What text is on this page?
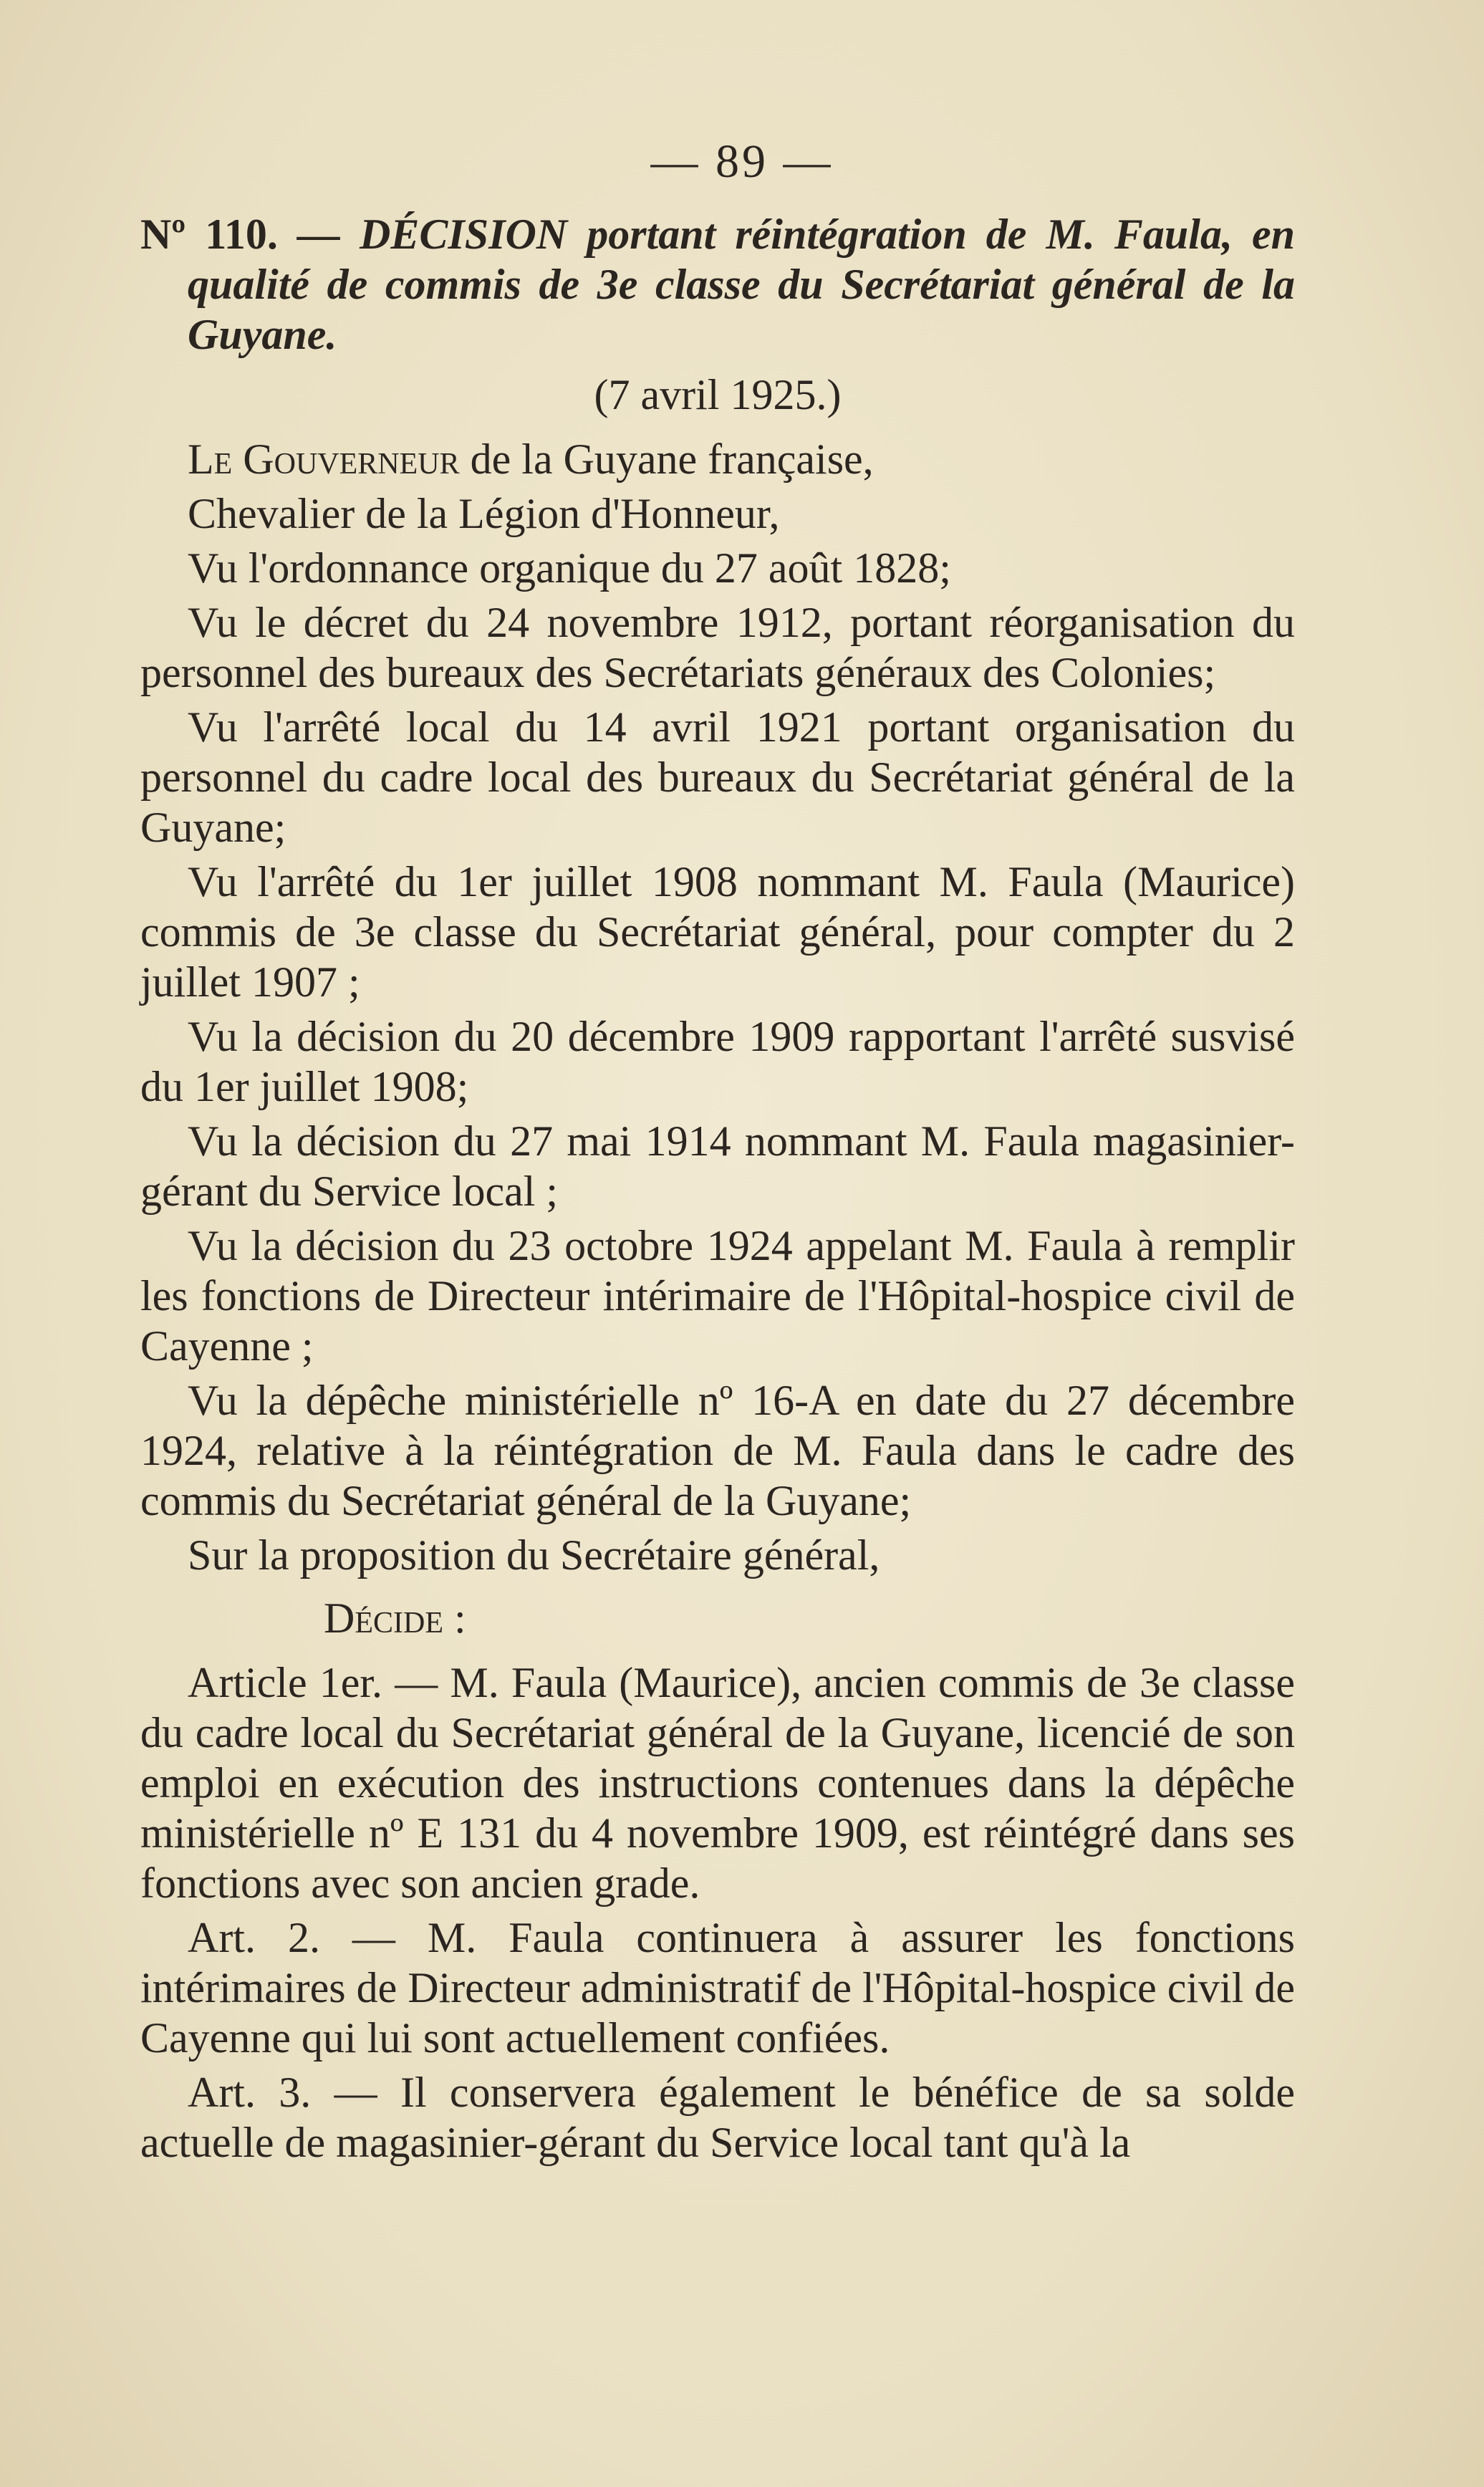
— 89 —

Nº 110. — DÉCISION portant réintégration de M. Faula, en qualité de commis de 3e classe du Secrétariat général de la Guyane.

(7 avril 1925.)

Le Gouverneur de la Guyane française,

Chevalier de la Légion d'Honneur,

Vu l'ordonnance organique du 27 août 1828;

Vu le décret du 24 novembre 1912, portant réorganisation du personnel des bureaux des Secrétariats généraux des Colonies;

Vu l'arrêté local du 14 avril 1921 portant organisation du personnel du cadre local des bureaux du Secrétariat général de la Guyane;

Vu l'arrêté du 1er juillet 1908 nommant M. Faula (Maurice) commis de 3e classe du Secrétariat général, pour compter du 2 juillet 1907 ;

Vu la décision du 20 décembre 1909 rapportant l'arrêté susvisé du 1er juillet 1908;

Vu la décision du 27 mai 1914 nommant M. Faula magasinier-gérant du Service local ;

Vu la décision du 23 octobre 1924 appelant M. Faula à remplir les fonctions de Directeur intérimaire de l'Hôpital-hospice civil de Cayenne ;

Vu la dépêche ministérielle nº 16-A en date du 27 décembre 1924, relative à la réintégration de M. Faula dans le cadre des commis du Secrétariat général de la Guyane;

Sur la proposition du Secrétaire général,

Décide :

Article 1er. — M. Faula (Maurice), ancien commis de 3e classe du cadre local du Secrétariat général de la Guyane, licencié de son emploi en exécution des instructions contenues dans la dépêche ministérielle nº E 131 du 4 novembre 1909, est réintégré dans ses fonctions avec son ancien grade.

Art. 2. — M. Faula continuera à assurer les fonctions intérimaires de Directeur administratif de l'Hôpital-hospice civil de Cayenne qui lui sont actuellement confiées.

Art. 3. — Il conservera également le bénéfice de sa solde actuelle de magasinier-gérant du Service local tant qu'à la
